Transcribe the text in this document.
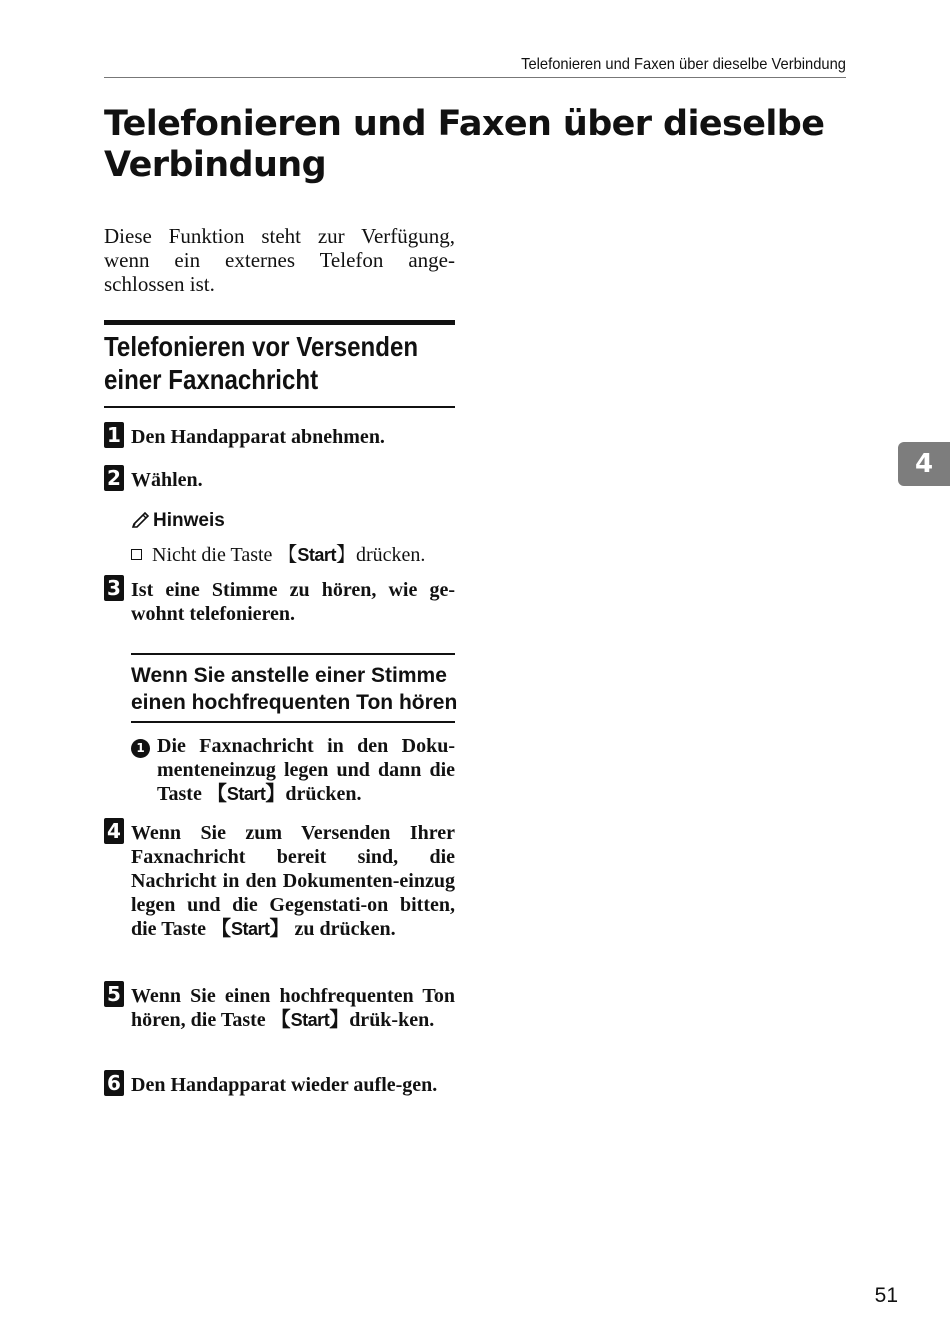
Telefonieren und Faxen über dieselbe Verbindung
Telefonieren und Faxen über dieselbe
Verbindung

Diese Funktion steht zur Verfügung, wenn ein externes Telefon ange-schlossen ist.

Telefonieren vor Versenden
einer Faxnachricht
1 Den Handapparat abnehmen.
2 Wählen.
Hinweis
Nicht die Taste 【Start】drücken.
3 Ist eine Stimme zu hören, wie ge-wohnt telefonieren.
Wenn Sie anstelle einer Stimme
einen hochfrequenten Ton hören
1 Die Faxnachricht in den Doku-menteneinzug legen und dann die Taste 【Start】drücken.
4 Wenn Sie zum Versenden Ihrer Faxnachricht bereit sind, die Nachricht in den Dokumenten-einzug legen und die Gegenstati-on bitten, die Taste 【Start】 zu drücken.
5 Wenn Sie einen hochfrequenten Ton hören, die Taste 【Start】drük-ken.
6 Den Handapparat wieder aufle-gen.
4
51
